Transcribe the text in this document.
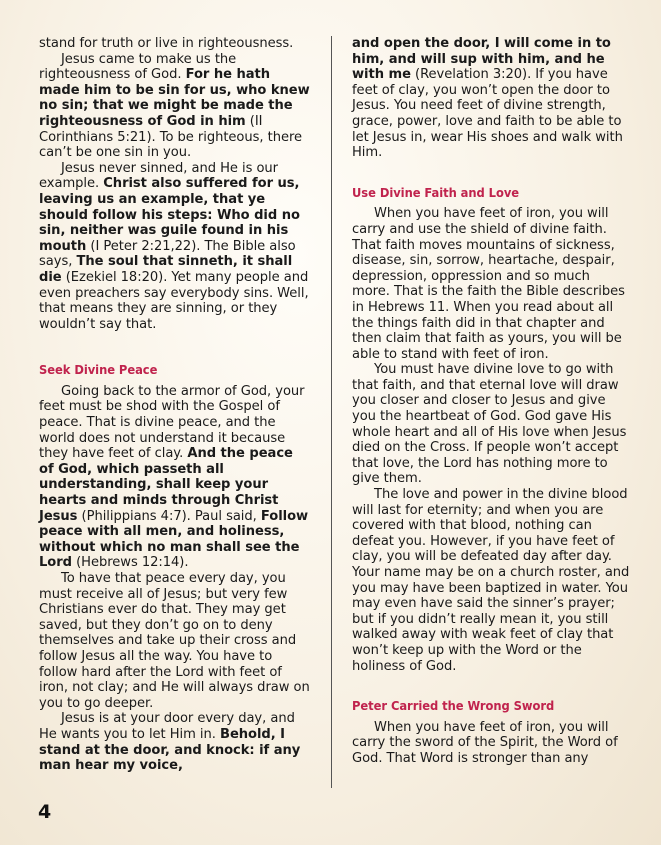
stand for truth or live in righteousness.

Jesus came to make us the righteousness of God. For he hath made him to be sin for us, who knew no sin; that we might be made the righteousness of God in him (II Corinthians 5:21). To be righteous, there can’t be one sin in you.

Jesus never sinned, and He is our example. Christ also suffered for us, leaving us an example, that ye should follow his steps: Who did no sin, neither was guile found in his mouth (I Peter 2:21,22). The Bible also says, The soul that sinneth, it shall die (Ezekiel 18:20). Yet many people and even preachers say everybody sins. Well, that means they are sinning, or they wouldn’t say that.

Seek Divine Peace

Going back to the armor of God, your feet must be shod with the Gospel of peace. That is divine peace, and the world does not understand it because they have feet of clay. And the peace of God, which passeth all understanding, shall keep your hearts and minds through Christ Jesus (Philippians 4:7). Paul said, Follow peace with all men, and holiness, without which no man shall see the Lord (Hebrews 12:14).

To have that peace every day, you must receive all of Jesus; but very few Christians ever do that. They may get saved, but they don’t go on to deny themselves and take up their cross and follow Jesus all the way. You have to follow hard after the Lord with feet of iron, not clay; and He will always draw on you to go deeper.

Jesus is at your door every day, and He wants you to let Him in. Behold, I stand at the door, and knock: if any man hear my voice,

and open the door, I will come in to him, and will sup with him, and he with me (Revelation 3:20). If you have feet of clay, you won’t open the door to Jesus. You need feet of divine strength, grace, power, love and faith to be able to let Jesus in, wear His shoes and walk with Him.

Use Divine Faith and Love

When you have feet of iron, you will carry and use the shield of divine faith. That faith moves mountains of sickness, disease, sin, sorrow, heartache, despair, depression, oppression and so much more. That is the faith the Bible describes in Hebrews 11. When you read about all the things faith did in that chapter and then claim that faith as yours, you will be able to stand with feet of iron.

You must have divine love to go with that faith, and that eternal love will draw you closer and closer to Jesus and give you the heartbeat of God. God gave His whole heart and all of His love when Jesus died on the Cross. If people won’t accept that love, the Lord has nothing more to give them.

The love and power in the divine blood will last for eternity; and when you are covered with that blood, nothing can defeat you. However, if you have feet of clay, you will be defeated day after day. Your name may be on a church roster, and you may have been baptized in water. You may even have said the sinner’s prayer; but if you didn’t really mean it, you still walked away with weak feet of clay that won’t keep up with the Word or the holiness of God.

Peter Carried the Wrong Sword

When you have feet of iron, you will carry the sword of the Spirit, the Word of God. That Word is stronger than any

4
